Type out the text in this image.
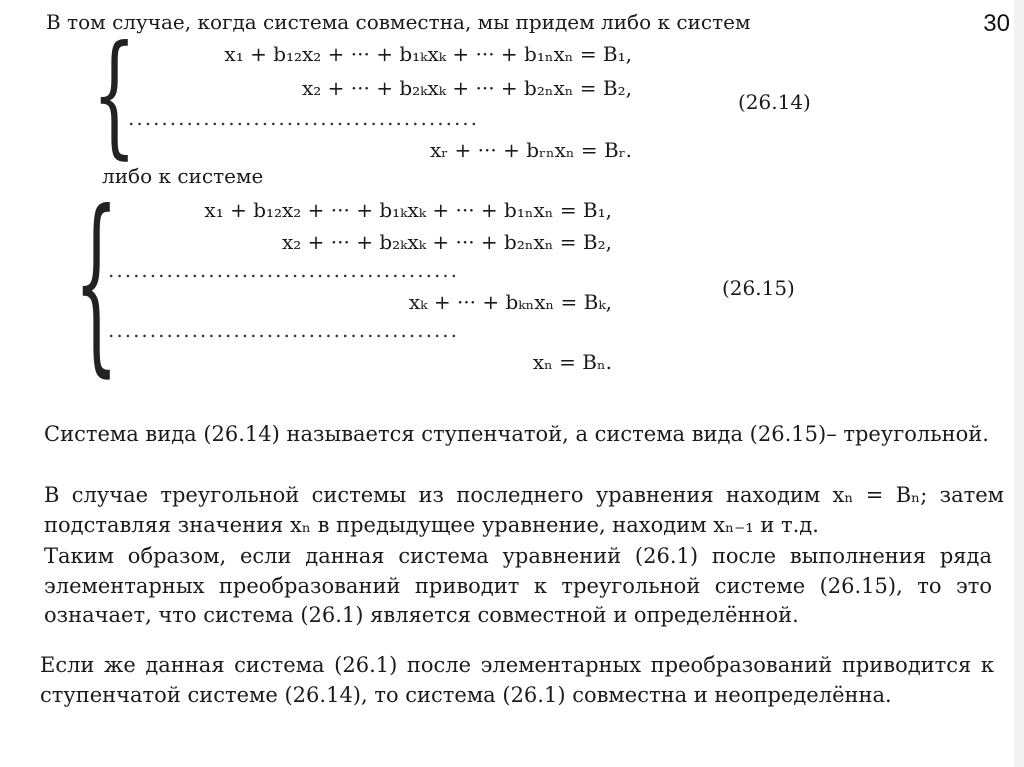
30
В том случае, когда система совместна, мы придем либо к систем
{	x₁ + b₁₂x₂ + ··· + b₁ₖxₖ + ··· + b₁ₙxₙ = B₁,
x₂ + ··· + b₂ₖxₖ + ··· + b₂ₙxₙ = B₂,
..........................................
xᵣ + ··· + bᵣₙxₙ = Bᵣ.
(26.14)
либо к системе
{	x₁ + b₁₂x₂ + ··· + b₁ₖxₖ + ··· + b₁ₙxₙ = B₁,
x₂ + ··· + b₂ₖxₖ + ··· + b₂ₙxₙ = B₂,
..........................................
xₖ + ··· + bₖₙxₙ = Bₖ,
..........................................
xₙ = Bₙ.
(26.15)

Система вида (26.14) называется ступенчатой, а система вида (26.15)– треугольной.

В случае треугольной системы из последнего уравнения находим xₙ = Bₙ; затем подставляя значения xₙ в предыдущее уравнение, находим xₙ₋₁ и т.д.

Таким образом, если данная система уравнений (26.1) после выполнения ряда элементарных преобразований приводит к треугольной системе (26.15), то это означает, что система (26.1) является совместной и определённой.

Если же данная система (26.1) после элементарных преобразований приводится к ступенчатой системе (26.14), то система (26.1) совместна и неопределённа.
